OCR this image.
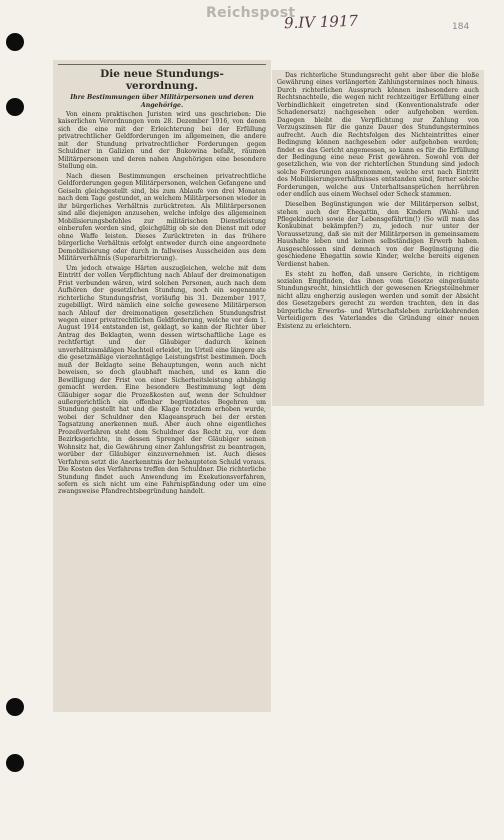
Reichspost
9.IV 1917	184
Die neue Stundungs-
verordnung.
Ihre Bestimmungen über Militärpersonen und deren Angehörige.

Von einem praktischen Juristen wird uns geschrieben: Die kaiserlichen Verordnungen vom 28. Dezember 1916, von denen sich die eine mit der Erleichterung bei der Erfüllung privatrechtlicher Geldforderungen im allgemeinen, die andere mit der Stundung privatrechtlicher Forderungen gegen Schuldner in Galizien und der Bukowina befaßt, räumen Militärpersonen und deren nahen Angehörigen eine besondere Stellung ein.

Nach diesen Bestimmungen erscheinen privatrechtliche Geldforderungen gegen Militärpersonen, welchen Gefangene und Geiseln gleichgestellt sind, bis zum Ablaufe von drei Monaten nach dem Tage gestundet, an welchem Militärpersonen wieder in ihr bürgerliches Verhältnis zurücktreten. Als Militärpersonen sind alle diejenigen anzusehen, welche infolge des allgemeinen Mobilisierungsbefehles zur militärischen Dienstleistung einberufen worden sind, gleichgültig ob sie den Dienst mit oder ohne Waffe leisten. Dieses Zurücktreten in das frühere bürgerliche Verhältnis erfolgt entweder durch eine angeordnete Demobilisierung oder durch in fallweises Ausscheiden aus dem Militärverhältnis (Superarbitrierung).

Um jedoch etwaige Härten auszugleichen, welche mit dem Eintritt der vollen Verpflichtung nach Ablauf der dreimonatigen Frist verbunden wären, wird solchen Personen, auch nach dem Aufhören der gesetzlichen Stundung, noch ein sogenannte richterliche Stundungsfrist, vorläufig bis 31. Dezember 1917, zugebilligt. Wird nämlich eine solche gewesene Militärperson nach Ablauf der dreimonatigen gesetzlichen Stundungsfrist wegen einer privatrechtlichen Geldforderung, welche vor dem 1. August 1914 entstanden ist, geklagt, so kann der Richter über Antrag des Beklagten, wenn dessen wirtschaftliche Lage es rechtfertigt und der Gläubiger dadurch keinen unverhältnismäßigen Nachteil erleidet, im Urteil eine längere als die gesetzmäßige vierzehntägige Leistungsfrist bestimmen. Doch muß der Beklagte seine Behauptungen, wenn auch nicht beweisen, so doch glaubhaft machen, und es kann die Bewilligung der Frist von einer Sicherheitsleistung abhängig gemacht werden. Eine besondere Bestimmung legt dem Gläubiger sogar die Prozeßkosten auf, wenn der Schuldner außergerichtlich ein offenbar begründetes Begehren um Stundung gestellt hat und die Klage trotzdem erhoben wurde, wobei der Schuldner den Klageanspruch bei der ersten Tagsatzung anerkennen muß. Aber auch ohne eigentliches Prozeßverfahren steht dem Schuldner das Recht zu, vor dem Bezirksgerichte, in dessen Sprengel der Gläubiger seinen Wohnsitz hat, die Gewährung einer Zahlungsfrist zu beantragen, worüber der Gläubiger einzuvernehmen ist. Auch dieses Verfahren setzt die Anerkenntnis der behaupteten Schuld voraus. Die Kosten des Verfahrens treffen den Schuldner. Die richterliche Stundung findet auch Anwendung im Exekutionsverfahren, sofern es sich nicht um eine Fahrnispfändung oder um eine zwangsweise Pfandrechtsbegründung handelt.

Das richterliche Stundungsrecht geht aber über die bloße Gewährung eines verlängerten Zahlungstermines noch hinaus. Durch richterlichen Ausspruch können insbesondere auch Rechtsnachteile, die wegen nicht rechtzeitiger Erfüllung einer Verbindlichkeit eingetreten sind (Konventionalstrafe oder Schadenersatz) nachgesehen oder aufgehoben werden. Dagegen bleibt die Verpflichtung zur Zahlung von Verzugszinsen für die ganze Dauer des Stundungstermines aufrecht. Auch die Rechtsfolgen des Nichteintrittes einer Bedingung können nachgesehen oder aufgehoben werden; findet es das Gericht angemessen, so kann es für die Erfüllung der Bedingung eine neue Frist gewähren. Sowohl von der gesetzlichen, wie von der richterlichen Stundung sind jedoch solche Forderungen ausgenommen, welche erst nach Eintritt des Mobilisierungsverhältnisses entstanden sind, ferner solche Forderungen, welche aus Unterhaltsansprüchen herrühren oder endlich aus einem Wechsel oder Scheck stammen.

Dieselben Begünstigungen wie der Militärperson selbst, stehen auch der Ehegattin, den Kindern (Wahl- und Pflegekindern) sowie der Lebensgefährtin(!) (So will man das Konkubinat bekämpfen?) zu, jedoch nur unter der Voraussetzung, daß sie mit der Militärperson in gemeinsamem Haushalte leben und keinen selbständigen Erwerb haben. Ausgeschlossen sind demnach von der Begünstigung die geschiedene Ehegattin sowie Kinder, welche bereits eigenen Verdienst haben.

Es steht zu hoffen, daß unsere Gerichte, in richtigem sozialen Empfinden, das ihnen vom Gesetze eingeräumte Stundungsrecht, hinsichtlich der gewesenen Kriegsteilnehmer nicht allzu engherzig auslegen werden und somit der Absicht des Gesetzgebers gerecht zu werden trachten, den in das bürgerliche Erwerbs- und Wirtschaftsleben zurückkehrenden Verteidigern des Vaterlandes die Gründung einer neuen Existenz zu erleichtern.
